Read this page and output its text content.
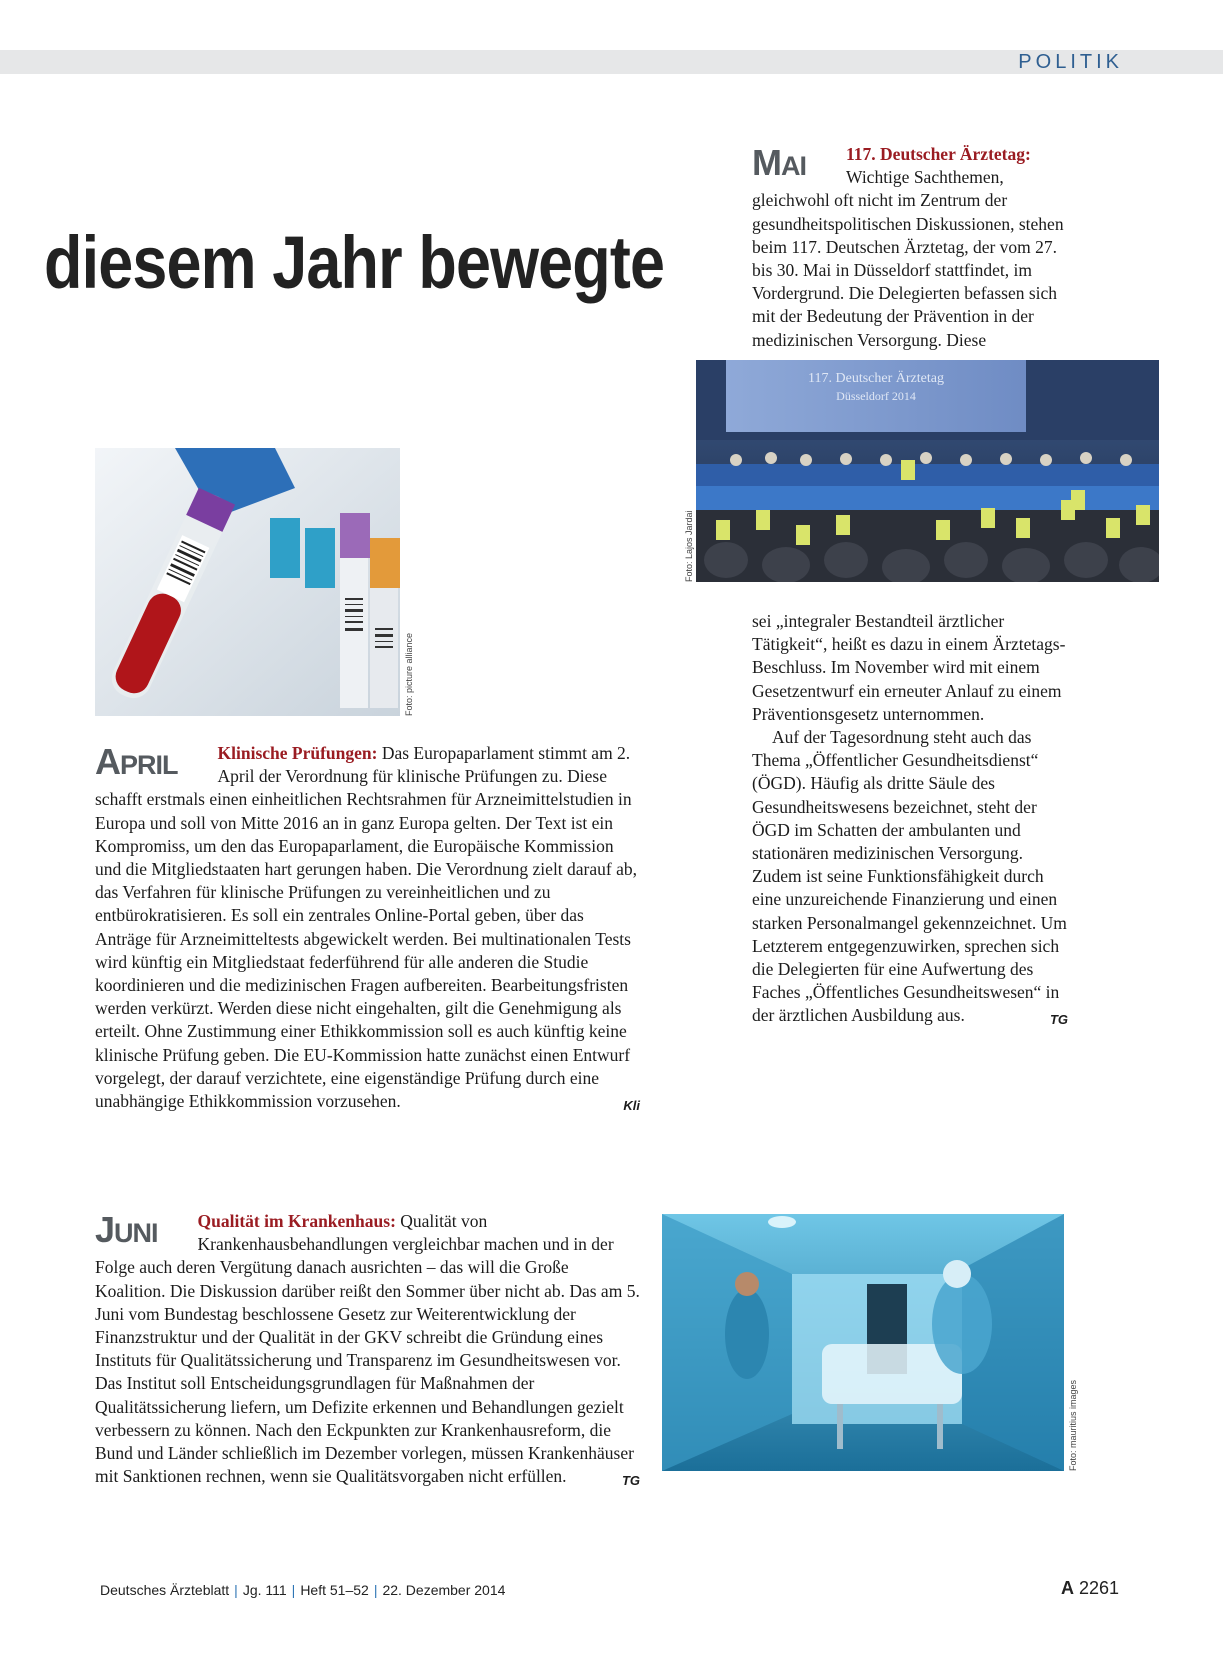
POLITIK
diesem Jahr bewegte

MAI 117. Deutscher Ärztetag: Wichtige Sachthemen, gleichwohl oft nicht im Zentrum der gesundheitspolitischen Diskussionen, stehen beim 117. Deutschen Ärztetag, der vom 27. bis 30. Mai in Düsseldorf stattfindet, im Vordergrund. Die Delegierten befassen sich mit der Bedeutung der Prävention in der medizinischen Versorgung. Diese

117. Deutscher Ärztetag
Düsseldorf 2014
Foto: Lajos Jardai

sei „integraler Bestandteil ärztlicher Tätigkeit“, heißt es dazu in einem Ärztetags-Beschluss. Im November wird mit einem Gesetzentwurf ein erneuter Anlauf zu einem Präventionsgesetz unternommen.

Auf der Tagesordnung steht auch das Thema „Öffentlicher Gesundheitsdienst“ (ÖGD). Häufig als dritte Säule des Gesundheitswesens bezeichnet, steht der ÖGD im Schatten der ambulanten und stationären medizinischen Versorgung. Zudem ist seine Funktionsfähigkeit durch eine unzureichende Finanzierung und einen starken Personalmangel gekennzeichnet. Um Letzterem entgegenzuwirken, sprechen sich die Delegierten für eine Aufwertung des Faches „Öffentliches Gesundheitswesen“ in der ärztlichen Ausbildung aus.	TG

Foto: picture alliance

APRIL Klinische Prüfungen: Das Europaparlament stimmt am 2. April der Verordnung für klinische Prüfungen zu. Diese schafft erstmals einen einheitlichen Rechtsrahmen für Arzneimittelstudien in Europa und soll von Mitte 2016 an in ganz Europa gelten. Der Text ist ein Kompromiss, um den das Europaparlament, die Europäische Kommission und die Mitgliedstaaten hart gerungen haben. Die Verordnung zielt darauf ab, das Verfahren für klinische Prüfungen zu vereinheitlichen und zu entbürokratisieren. Es soll ein zentrales Online-Portal geben, über das Anträge für Arzneimitteltests abgewickelt werden. Bei multinationalen Tests wird künftig ein Mitgliedstaat federführend für alle anderen die Studie koordinieren und die medizinischen Fragen aufbereiten. Bearbeitungsfristen werden verkürzt. Werden diese nicht eingehalten, gilt die Genehmigung als erteilt. Ohne Zustimmung einer Ethikkommission soll es auch künftig keine klinische Prüfung geben. Die EU-Kommission hatte zunächst einen Entwurf vorgelegt, der darauf verzichtete, eine eigenständige Prüfung durch eine unabhängige Ethikkommission vorzusehen.	Kli

JUNI Qualität im Krankenhaus: Qualität von Krankenhausbehandlungen vergleichbar machen und in der Folge auch deren Vergütung danach ausrichten – das will die Große Koalition. Die Diskussion darüber reißt den Sommer über nicht ab. Das am 5. Juni vom Bundestag beschlossene Gesetz zur Weiterentwicklung der Finanzstruktur und der Qualität in der GKV schreibt die Gründung eines Instituts für Qualitätssicherung und Transparenz im Gesundheitswesen vor. Das Institut soll Entscheidungsgrundlagen für Maßnahmen der Qualitätssicherung liefern, um Defizite erkennen und Behandlungen gezielt verbessern zu können. Nach den Eckpunkten zur Krankenhausreform, die Bund und Länder schließlich im Dezember vorlegen, müssen Krankenhäuser mit Sanktionen rechnen, wenn sie Qualitätsvorgaben nicht erfüllen.	TG

Foto: mauritius images
Deutsches Ärzteblatt | Jg. 111 | Heft 51–52 | 22. Dezember 2014	A 2261
